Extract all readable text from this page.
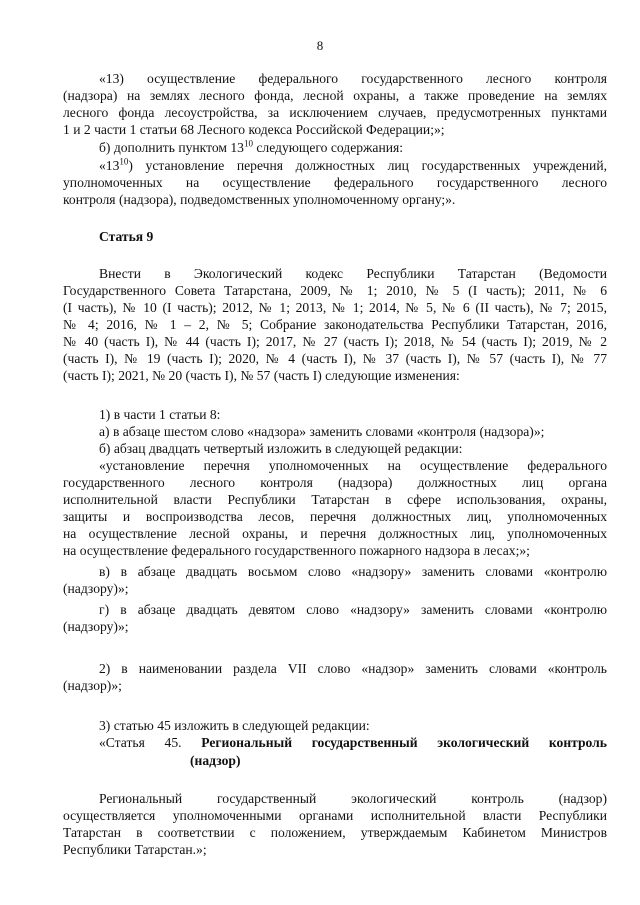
8
«13) осуществление федерального государственного лесного контроля
(надзора) на землях лесного фонда, лесной охраны, а также проведение на землях
лесного фонда лесоустройства, за исключением случаев, предусмотренных пунктами
1 и 2 части 1 статьи 68 Лесного кодекса Российской Федерации;»;
б) дополнить пунктом $13^{10}$ следующего содержания:
«$13^{10}$) установление перечня должностных лиц государственных учреждений,
уполномоченных на осуществление федерального государственного лесного
контроля (надзора), подведомственных уполномоченному органу;».
Статья 9
Внести в Экологический кодекс Республики Татарстан (Ведомости
Государственного Совета Татарстана, 2009, № 1; 2010, № 5 (I часть); 2011, № 6
(I часть), № 10 (I часть); 2012, № 1; 2013, № 1; 2014, № 5, № 6 (II часть), № 7; 2015,
№ 4; 2016, № 1 – 2, № 5; Собрание законодательства Республики Татарстан, 2016,
№ 40 (часть I), № 44 (часть I); 2017, № 27 (часть I); 2018, № 54 (часть I); 2019, № 2
(часть I), № 19 (часть I); 2020, № 4 (часть I), № 37 (часть I), № 57 (часть I), № 77
(часть I); 2021, № 20 (часть I), № 57 (часть I) следующие изменения:
1) в части 1 статьи 8:
а) в абзаце шестом слово «надзора» заменить словами «контроля (надзора)»;
б) абзац двадцать четвертый изложить в следующей редакции:
«установление перечня уполномоченных на осуществление федерального
государственного лесного контроля (надзора) должностных лиц органа
исполнительной власти Республики Татарстан в сфере использования, охраны,
защиты и воспроизводства лесов, перечня должностных лиц, уполномоченных
на осуществление лесной охраны, и перечня должностных лиц, уполномоченных
на осуществление федерального государственного пожарного надзора в лесах;»;
в) в абзаце двадцать восьмом слово «надзору» заменить словами «контролю
(надзору)»;
г) в абзаце двадцать девятом слово «надзору» заменить словами «контролю
(надзору)»;
2) в наименовании раздела VII слово «надзор» заменить словами «контроль
(надзор)»;
3) статью 45 изложить в следующей редакции:
«Статья 45. Региональный государственный экологический контроль
(надзор)
Региональный государственный экологический контроль (надзор)
осуществляется уполномоченными органами исполнительной власти Республики
Татарстан в соответствии с положением, утверждаемым Кабинетом Министров
Республики Татарстан.»;
